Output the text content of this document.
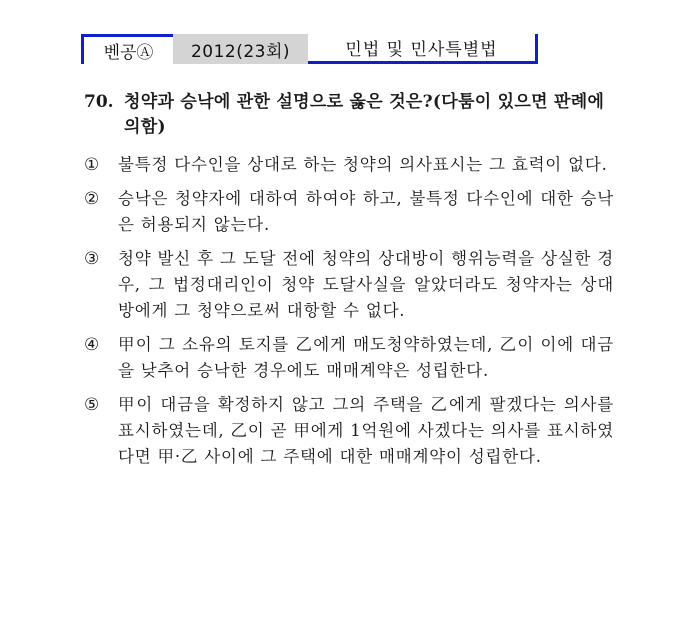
벤공Ⓐ	2012(23회)	민법 및 민사특별법
70. 청약과 승낙에 관한 설명으로 옳은 것은?(다툼이 있으면 판례에 의함)
①	불특정 다수인을 상대로 하는 청약의 의사표시는 그 효력이 없다.
②	승낙은 청약자에 대하여 하여야 하고, 불특정 다수인에 대한 승낙은 허용되지 않는다.
③	청약 발신 후 그 도달 전에 청약의 상대방이 행위능력을 상실한 경우, 그 법정대리인이 청약 도달사실을 알았더라도 청약자는 상대방에게 그 청약으로써 대항할 수 없다.
④	甲이 그 소유의 토지를 乙에게 매도청약하였는데, 乙이 이에 대금을 낮추어 승낙한 경우에도 매매계약은 성립한다.
⑤	甲이 대금을 확정하지 않고 그의 주택을 乙에게 팔겠다는 의사를 표시하였는데, 乙이 곧 甲에게 1억원에 사겠다는 의사를 표시하였다면 甲·乙 사이에 그 주택에 대한 매매계약이 성립한다.
